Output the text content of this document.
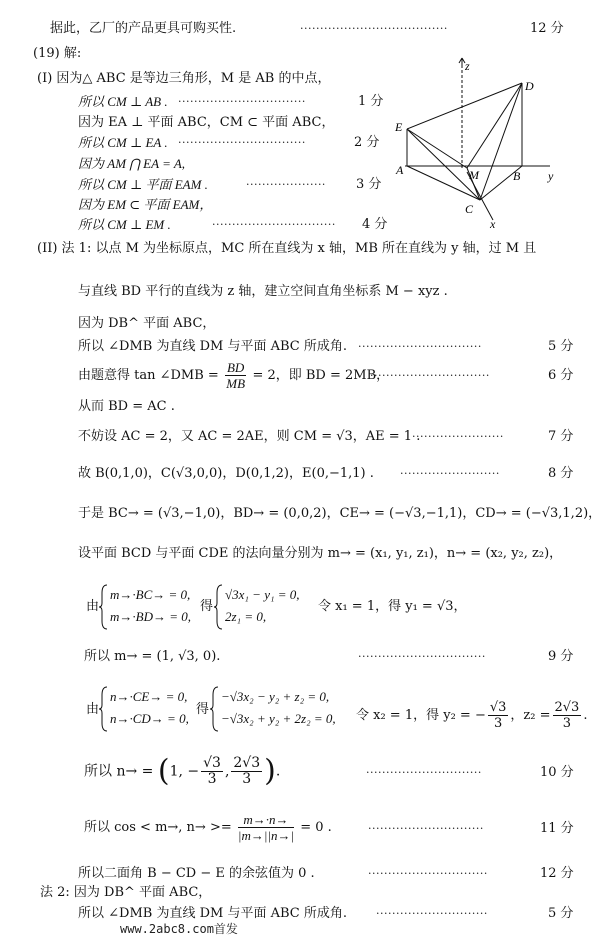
据此，乙厂的产品更具可购买性.	·····································	12 分
(19) 解:
(I) 因为△ ABC 是等边三角形，M 是 AB 的中点，
所以 CM ⊥ AB . ································	1 分
因为 EA ⊥ 平面 ABC，CM ⊂ 平面 ABC，
所以 CM ⊥ EA . ································	2 分
因为 AM ⋂ EA = A,
所以 CM ⊥ 平面 EAM .	···················· 3 分
因为 EM ⊂ 平面 EAM，
所以 CM ⊥ EM .	······························· 4 分
z
D
E
A	M	B y
C
x
(II) 法 1: 以点 M 为坐标原点，MC 所在直线为 x 轴，MB 所在直线为 y 轴，过 M 且
与直线 BD 平行的直线为 z 轴，建立空间直角坐标系 M − xyz .
因为 DB^ 平面 ABC，
所以 ∠DMB 为直线 DM 与平面 ABC 所成角. ·······························	5 分
由题意得 tan ∠DMB = $\frac{BD}{MB} = 2$，即 BD = 2MB，
······························	6 分
从而 BD = AC .
不妨设 AC = 2，又 AC = 2AE，则 CM = √3，AE = 1 .
·······················	7 分
故 B(0,1,0)，C(√3,0,0)，D(0,1,2)，E(0,−1,1) . ·························	8 分
于是 BC→ = (√3,−1,0)，BD→ = (0,0,2)，CE→ = (−√3,−1,1)，CD→ = (−√3,1,2)，
设平面 BCD 与平面 CDE 的法向量分别为 m→ = (x₁, y₁, z₁)，n→ = (x₂, y₂, z₂)，
由
m→·BC→ = 0,
m→·BD→ = 0,
得
√3x₁ − y₁ = 0,
2z₁ = 0,
令 x₁ = 1，得 y₁ = √3，
所以 m→ = (1, √3, 0).	································	9 分
由
n→·CE→ = 0,
n→·CD→ = 0,
得
−√3x₂ − y₂ + z₂ = 0,
−√3x₂ + y₂ + 2z₂ = 0, 令 x₂ = 1，得 y₂ = − $\frac{√3}{3}$ ，$z_2 = \frac{2√3}{3}$ .
所以 n→ = (1, − $\frac{√3}{3}$ , $\frac{2√3}{3}$ ).	·····························	10 分
所以 cos < m→, $n\to >= \frac{m\to\cdot n\to}{|m\to||n\to|} = 0$ .	·····························	11 分
所以二面角 B − CD − E 的余弦值为 0 .	······························	12 分
法 2: 因为 DB^ 平面 ABC，
所以 ∠DMB 为直线 DM 与平面 ABC 所成角.	····························	5 分
www.2abc8.com首发
